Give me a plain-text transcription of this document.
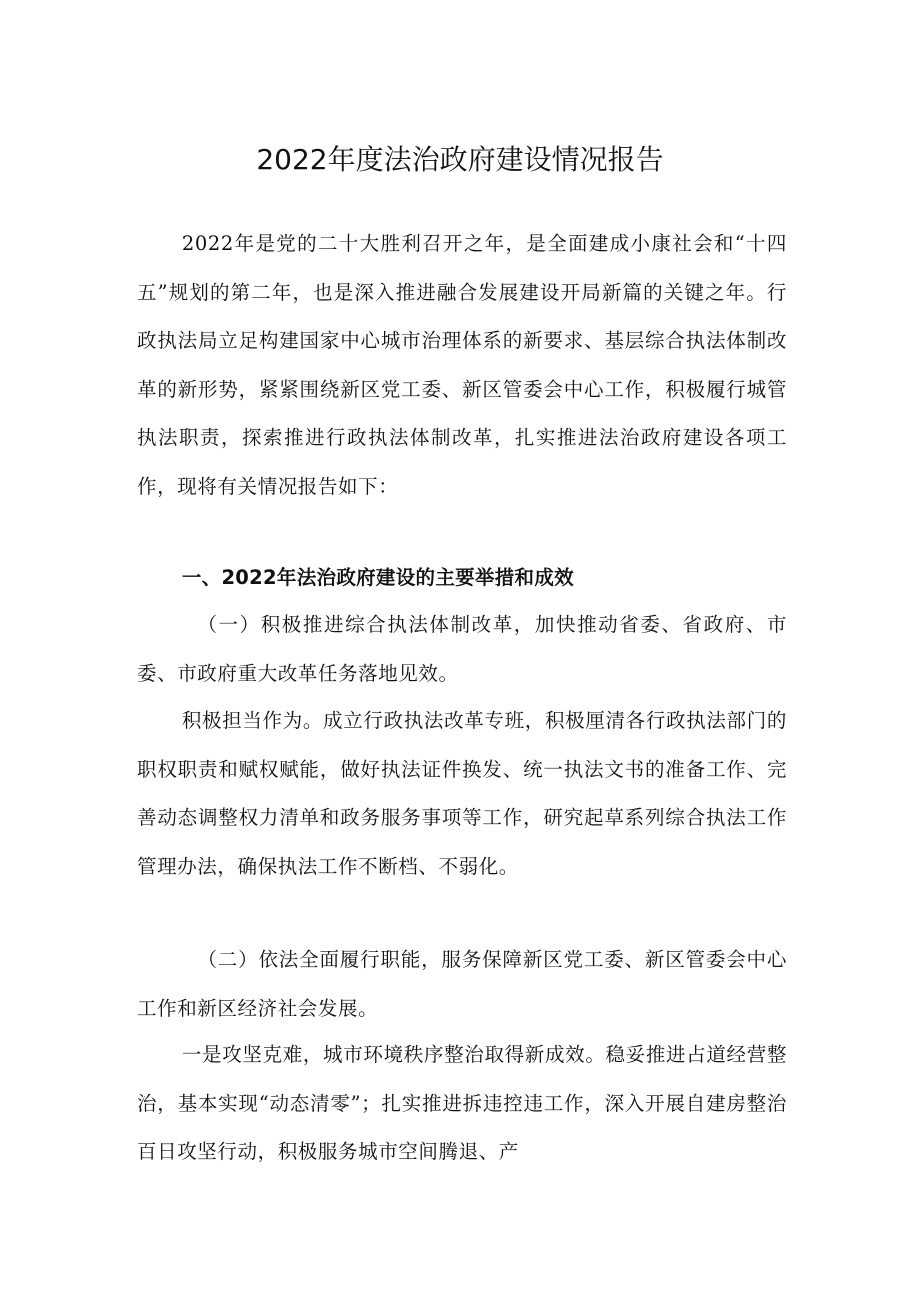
2022年度法治政府建设情况报告

2022年是党的二十大胜利召开之年，是全面建成小康社会和“十四五”规划的第二年，也是深入推进融合发展建设开局新篇的关键之年。行政执法局立足构建国家中心城市治理体系的新要求、基层综合执法体制改革的新形势，紧紧围绕新区党工委、新区管委会中心工作，积极履行城管执法职责，探索推进行政执法体制改革，扎实推进法治政府建设各项工作，现将有关情况报告如下：

一、2022年法治政府建设的主要举措和成效

（一）积极推进综合执法体制改革，加快推动省委、省政府、市委、市政府重大改革任务落地见效。

积极担当作为。成立行政执法改革专班，积极厘清各行政执法部门的职权职责和赋权赋能，做好执法证件换发、统一执法文书的准备工作、完善动态调整权力清单和政务服务事项等工作，研究起草系列综合执法工作管理办法，确保执法工作不断档、不弱化。

（二）依法全面履行职能，服务保障新区党工委、新区管委会中心工作和新区经济社会发展。

一是攻坚克难，城市环境秩序整治取得新成效。稳妥推进占道经营整治，基本实现“动态清零”；扎实推进拆违控违工作，深入开展自建房整治百日攻坚行动，积极服务城市空间腾退、产
